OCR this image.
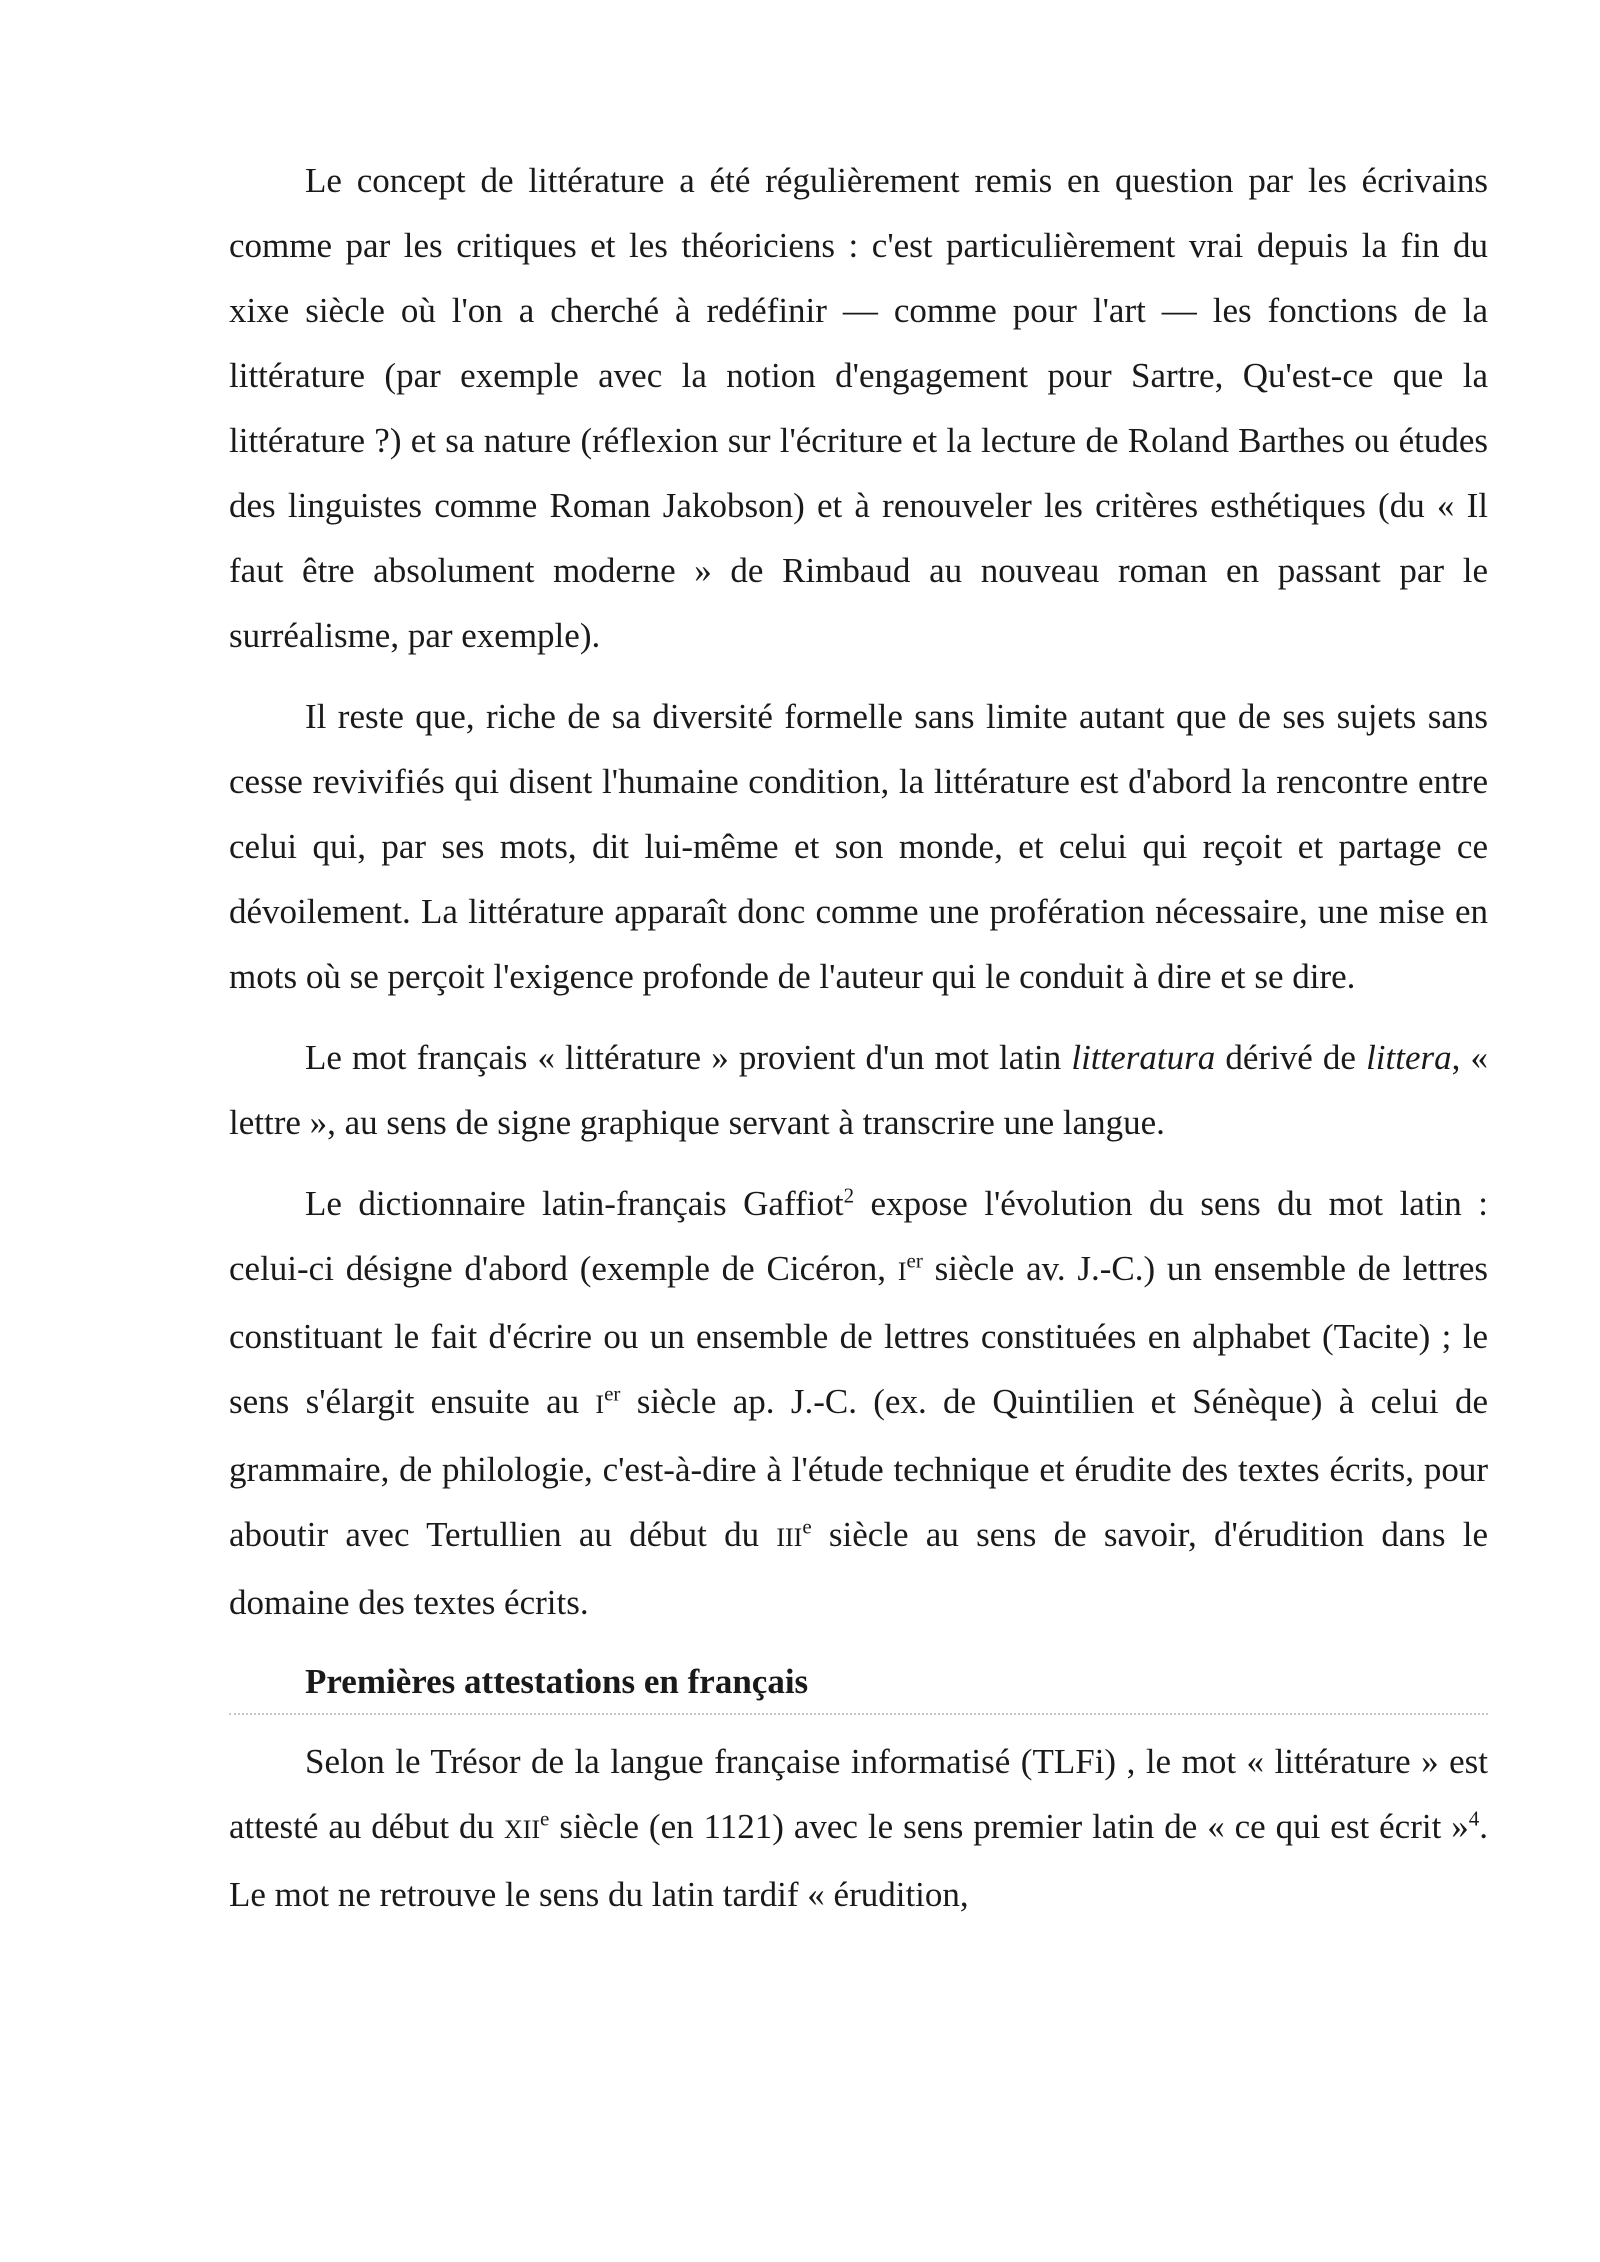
Le concept de littérature a été régulièrement remis en question par les écrivains comme par les critiques et les théoriciens : c'est particulièrement vrai depuis la fin du xixe siècle où l'on a cherché à redéfinir — comme pour l'art — les fonctions de la littérature (par exemple avec la notion d'engagement pour Sartre, Qu'est-ce que la littérature ?) et sa nature (réflexion sur l'écriture et la lecture de Roland Barthes ou études des linguistes comme Roman Jakobson) et à renouveler les critères esthétiques (du « Il faut être absolument moderne » de Rimbaud au nouveau roman en passant par le surréalisme, par exemple).

Il reste que, riche de sa diversité formelle sans limite autant que de ses sujets sans cesse revivifiés qui disent l'humaine condition, la littérature est d'abord la rencontre entre celui qui, par ses mots, dit lui-même et son monde, et celui qui reçoit et partage ce dévoilement. La littérature apparaît donc comme une profération nécessaire, une mise en mots où se perçoit l'exigence profonde de l'auteur qui le conduit à dire et se dire.

Le mot français « littérature » provient d'un mot latin litteratura dérivé de littera, « lettre », au sens de signe graphique servant à transcrire une langue.

Le dictionnaire latin-français Gaffiot$^2$ expose l'évolution du sens du mot latin : celui-ci désigne d'abord (exemple de Cicéron, Ier siècle av. J.-C.) un ensemble de lettres constituant le fait d'écrire ou un ensemble de lettres constituées en alphabet (Tacite) ; le sens s'élargit ensuite au Ier siècle ap. J.-C. (ex. de Quintilien et Sénèque) à celui de grammaire, de philologie, c'est-à-dire à l'étude technique et érudite des textes écrits, pour aboutir avec Tertullien au début du IIIe siècle au sens de savoir, d'érudition dans le domaine des textes écrits.

Premières attestations en français

Selon le Trésor de la langue française informatisé (TLFi) , le mot « littérature » est attesté au début du XIIe siècle (en 1121) avec le sens premier latin de « ce qui est écrit »$^4$. Le mot ne retrouve le sens du latin tardif « érudition,
